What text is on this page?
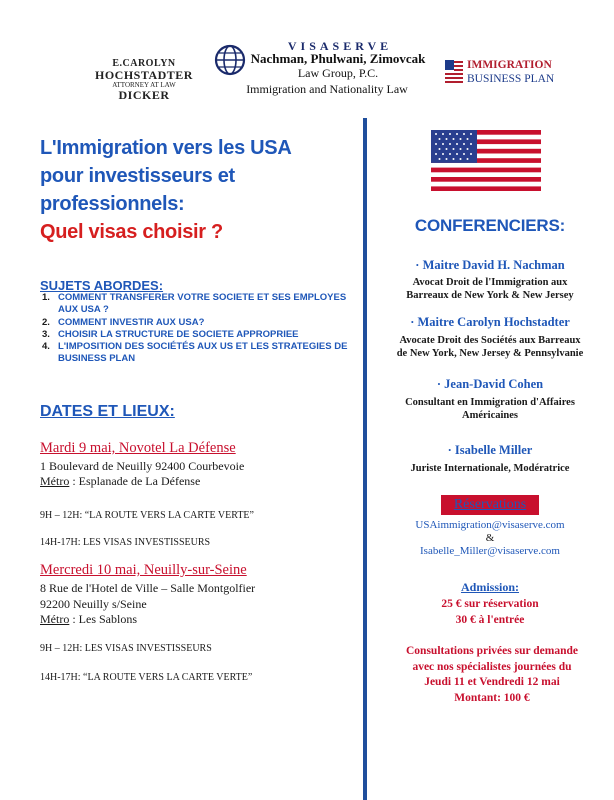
E.CAROLYN
HOCHSTADTER
ATTORNEY AT LAW
DICKER
VISASERVE
Nachman, Phulwani, Zimovcak
Law Group, P.C.
Immigration and Nationality Law
IMMIGRATION
BUSINESS PLAN
L'Immigration vers les USA
pour investisseurs et
professionnels:
Quel visas choisir ?
SUJETS ABORDES:
1. COMMENT TRANSFERER VOTRE SOCIETE ET SES EMPLOYES AUX USA ?
2. COMMENT INVESTIR AUX USA?
3. CHOISIR LA STRUCTURE DE SOCIETE APPROPRIEE
4. L'IMPOSITION DES SOCIÉTÉS AUX US ET LES STRATEGIES DE BUSINESS PLAN
DATES ET LIEUX:
Mardi 9 mai, Novotel La Défense
1 Boulevard de Neuilly 92400 Courbevoie
Métro : Esplanade de La Défense
9H – 12H: “LA ROUTE VERS LA CARTE VERTE”
14H-17H: LES VISAS INVESTISSEURS
Mercredi 10 mai, Neuilly-sur-Seine
8 Rue de l'Hotel de Ville – Salle Montgolfier
92200 Neuilly s/Seine
Métro : Les Sablons
9H – 12H: LES VISAS INVESTISSEURS
14H-17H: “LA ROUTE VERS LA CARTE VERTE”
CONFERENCIERS:
· Maitre David H. Nachman
Avocat Droit de l'Immigration aux
Barreaux de New York & New Jersey
· Maitre Carolyn Hochstadter
Avocate Droit des Sociétés aux Barreaux
de New York, New Jersey & Pennsylvanie
· Jean-David Cohen
Consultant en Immigration d'Affaires
Américaines
· Isabelle Miller
Juriste Internationale, Modératrice
Réservations
USAimmigration@visaserve.com
&
Isabelle_Miller@visaserve.com
Admission:
25 € sur réservation
30 € à l'entrée
Consultations privées sur demande
avec nos spécialistes journées du
Jeudi 11 et Vendredi 12 mai
Montant: 100 €
